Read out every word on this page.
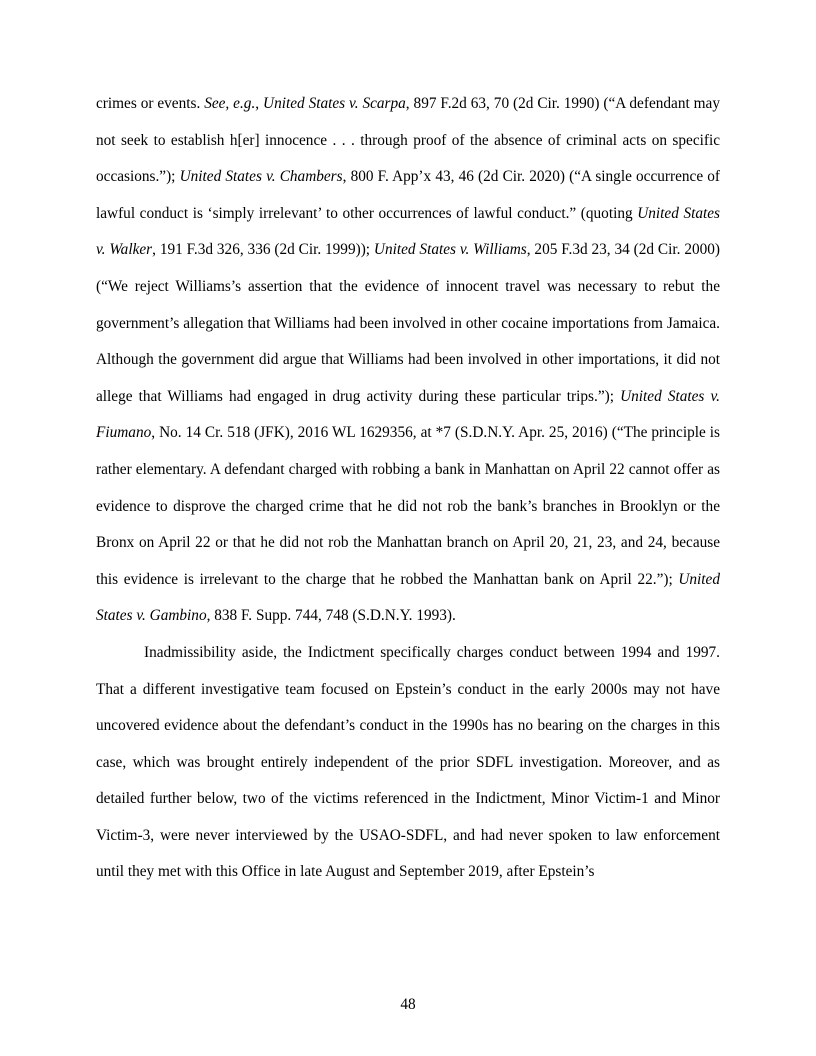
crimes or events. See, e.g., United States v. Scarpa, 897 F.2d 63, 70 (2d Cir. 1990) (“A defendant may not seek to establish h[er] innocence . . . through proof of the absence of criminal acts on specific occasions.”); United States v. Chambers, 800 F. App’x 43, 46 (2d Cir. 2020) (“A single occurrence of lawful conduct is ‘simply irrelevant’ to other occurrences of lawful conduct.” (quoting United States v. Walker, 191 F.3d 326, 336 (2d Cir. 1999)); United States v. Williams, 205 F.3d 23, 34 (2d Cir. 2000) (“We reject Williams’s assertion that the evidence of innocent travel was necessary to rebut the government’s allegation that Williams had been involved in other cocaine importations from Jamaica. Although the government did argue that Williams had been involved in other importations, it did not allege that Williams had engaged in drug activity during these particular trips.”); United States v. Fiumano, No. 14 Cr. 518 (JFK), 2016 WL 1629356, at *7 (S.D.N.Y. Apr. 25, 2016) (“The principle is rather elementary. A defendant charged with robbing a bank in Manhattan on April 22 cannot offer as evidence to disprove the charged crime that he did not rob the bank’s branches in Brooklyn or the Bronx on April 22 or that he did not rob the Manhattan branch on April 20, 21, 23, and 24, because this evidence is irrelevant to the charge that he robbed the Manhattan bank on April 22.”); United States v. Gambino, 838 F. Supp. 744, 748 (S.D.N.Y. 1993).

Inadmissibility aside, the Indictment specifically charges conduct between 1994 and 1997. That a different investigative team focused on Epstein’s conduct in the early 2000s may not have uncovered evidence about the defendant’s conduct in the 1990s has no bearing on the charges in this case, which was brought entirely independent of the prior SDFL investigation. Moreover, and as detailed further below, two of the victims referenced in the Indictment, Minor Victim-1 and Minor Victim-3, were never interviewed by the USAO-SDFL, and had never spoken to law enforcement until they met with this Office in late August and September 2019, after Epstein’s

48
